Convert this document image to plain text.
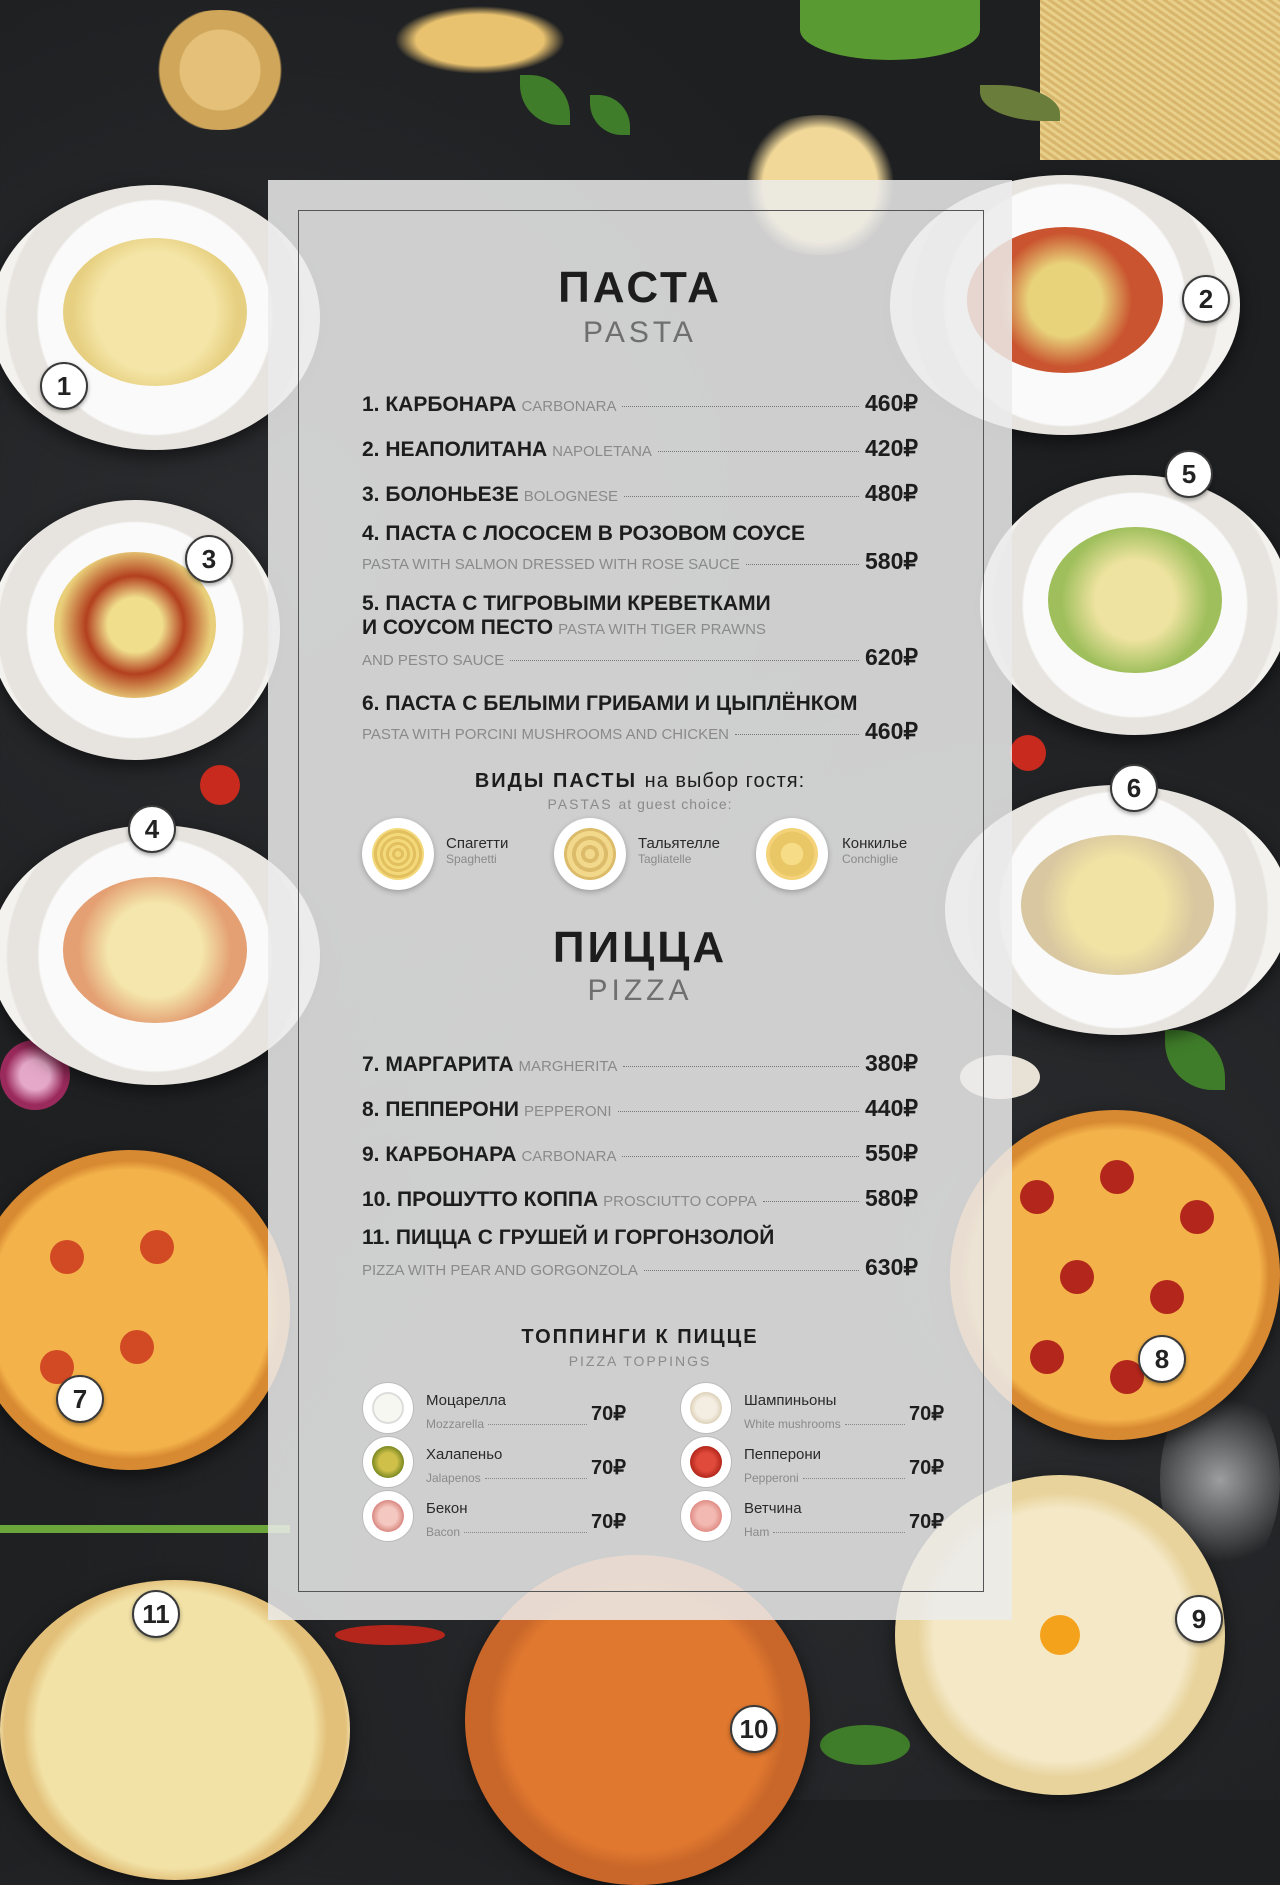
1
2
3
4
5
6
7
8
9
10
11
ПАСТА
PASTA
1. КАРБОНАРА CARBONARA	460₽
2. НЕАПОЛИТАНА NAPOLETANA	420₽
3. БОЛОНЬЕЗЕ BOLOGNESE	480₽
4. ПАСТА С ЛОСОСЕМ В РОЗОВОМ СОУСЕ
PASTA WITH SALMON DRESSED WITH ROSE SAUCE	580₽
5. ПАСТА С ТИГРОВЫМИ КРЕВЕТКАМИ
И СОУСОМ ПЕСТО PASTA WITH TIGER PRAWNS
AND PESTO SAUCE	620₽
6. ПАСТА С БЕЛЫМИ ГРИБАМИ И ЦЫПЛЁНКОМ
PASTA WITH PORCINI MUSHROOMS AND CHICKEN	460₽
ВИДЫ ПАСТЫ на выбор гостя:
PASTAS at guest choice:
Спагетти
Spaghetti
Тальятелле
Tagliatelle
Конкилье
Conchiglie
ПИЦЦА
PIZZA
7. МАРГАРИТА MARGHERITA	380₽
8. ПЕППЕРОНИ PEPPERONI	440₽
9. КАРБОНАРА CARBONARA	550₽
10. ПРОШУТТО КОППА PROSCIUTTO COPPA	580₽
11. ПИЦЦА С ГРУШЕЙ И ГОРГОНЗОЛОЙ
PIZZA WITH PEAR AND GORGONZOLA	630₽
ТОППИНГИ К ПИЦЦЕ
PIZZA TOPPINGS
Моцарелла
Mozzarella	70₽
Халапеньо
Jalapenos	70₽
Бекон
Bacon	70₽
Шампиньоны
White mushrooms	70₽
Пепперони
Pepperoni	70₽
Ветчина
Ham	70₽
